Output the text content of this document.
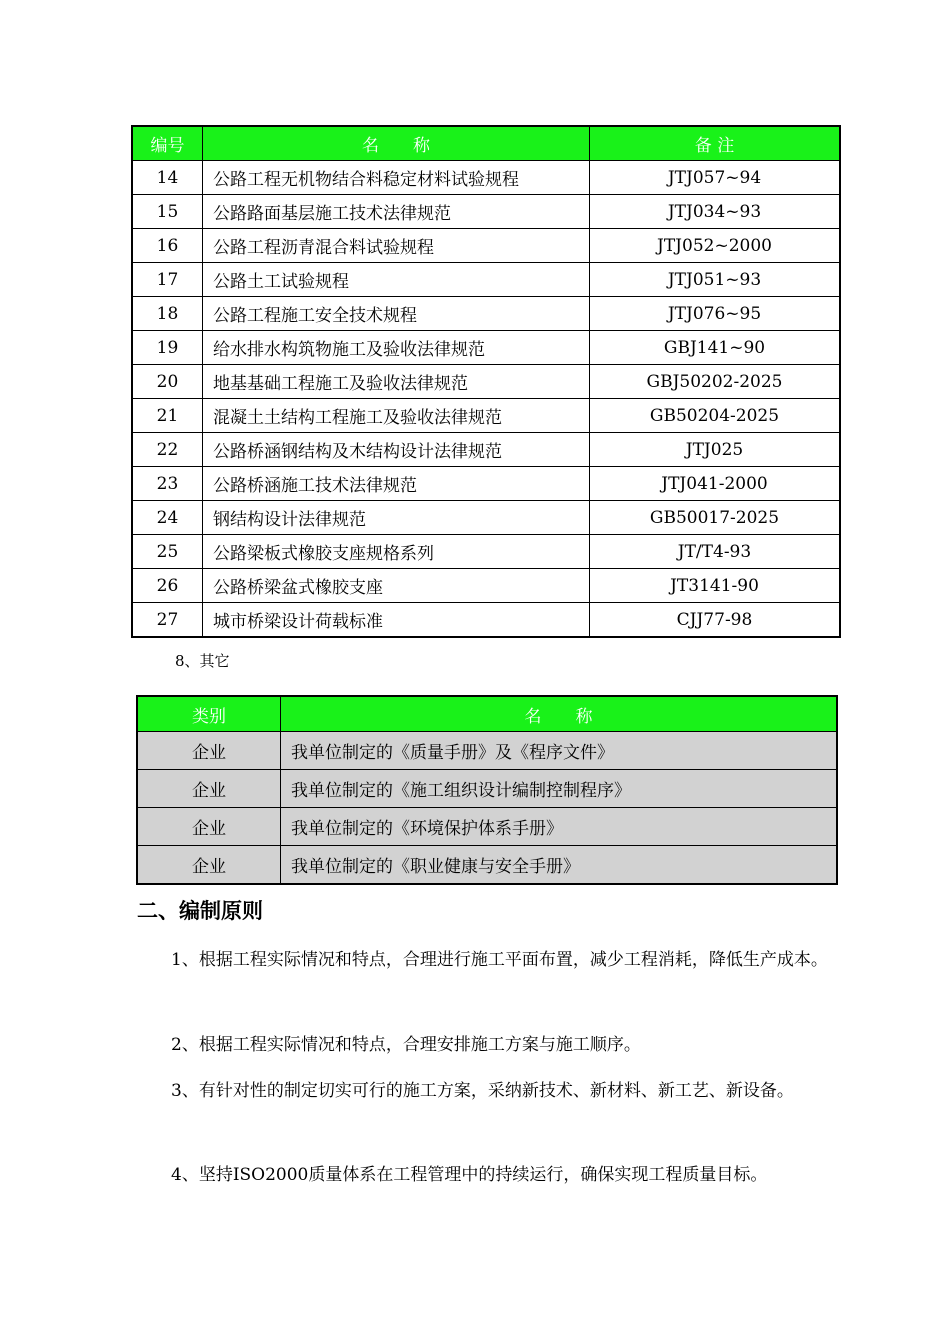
编号	名　　称	备 注
14	公路工程无机物结合料稳定材料试验规程	JTJ057~94
15	公路路面基层施工技术法律规范	JTJ034~93
16	公路工程沥青混合料试验规程	JTJ052~2000
17	公路土工试验规程	JTJ051~93
18	公路工程施工安全技术规程	JTJ076~95
19	给水排水构筑物施工及验收法律规范	GBJ141~90
20	地基基础工程施工及验收法律规范	GBJ50202-2025
21	混凝土土结构工程施工及验收法律规范	GB50204-2025
22	公路桥涵钢结构及木结构设计法律规范	JTJ025
23	公路桥涵施工技术法律规范	JTJ041-2000
24	钢结构设计法律规范	GB50017-2025
25	公路梁板式橡胶支座规格系列	JT/T4-93
26	公路桥梁盆式橡胶支座	JT3141-90
27	城市桥梁设计荷载标准	CJJ77-98
8、其它
类别	名　　称
企业	我单位制定的《质量手册》及《程序文件》
企业	我单位制定的《施工组织设计编制控制程序》
企业	我单位制定的《环境保护体系手册》
企业	我单位制定的《职业健康与安全手册》
二、编制原则

1、根据工程实际情况和特点，合理进行施工平面布置，减少工程消耗，降低生产成本。

2、根据工程实际情况和特点，合理安排施工方案与施工顺序。

3、有针对性的制定切实可行的施工方案，采纳新技术、新材料、新工艺、新设备。

4、坚持ISO2000质量体系在工程管理中的持续运行，确保实现工程质量目标。
